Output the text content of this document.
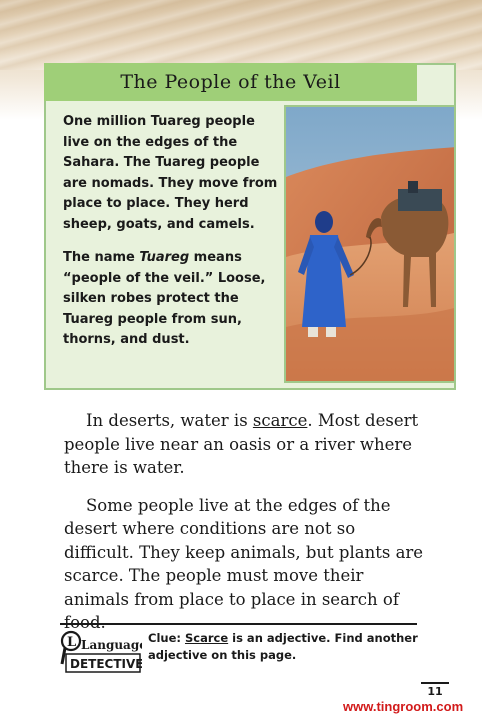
The People of the Veil

One million Tuareg people live on the edges of the Sahara. The Tuareg people are nomads. They move from place to place. They herd sheep, goats, and camels.

The name Tuareg means “people of the veil.” Loose, silken robes protect the Tuareg people from sun, thorns, and dust.

In deserts, water is scarce. Most desert people live near an oasis or a river where there is water.

Some people live at the edges of the desert where conditions are not so difficult. They keep animals, but plants are scarce. The people must move their animals from place to place in search of

L Language
DETECTIVE
Clue: Scarce is an adjective. Find another adjective on this page.
11
www.tingroom.com
